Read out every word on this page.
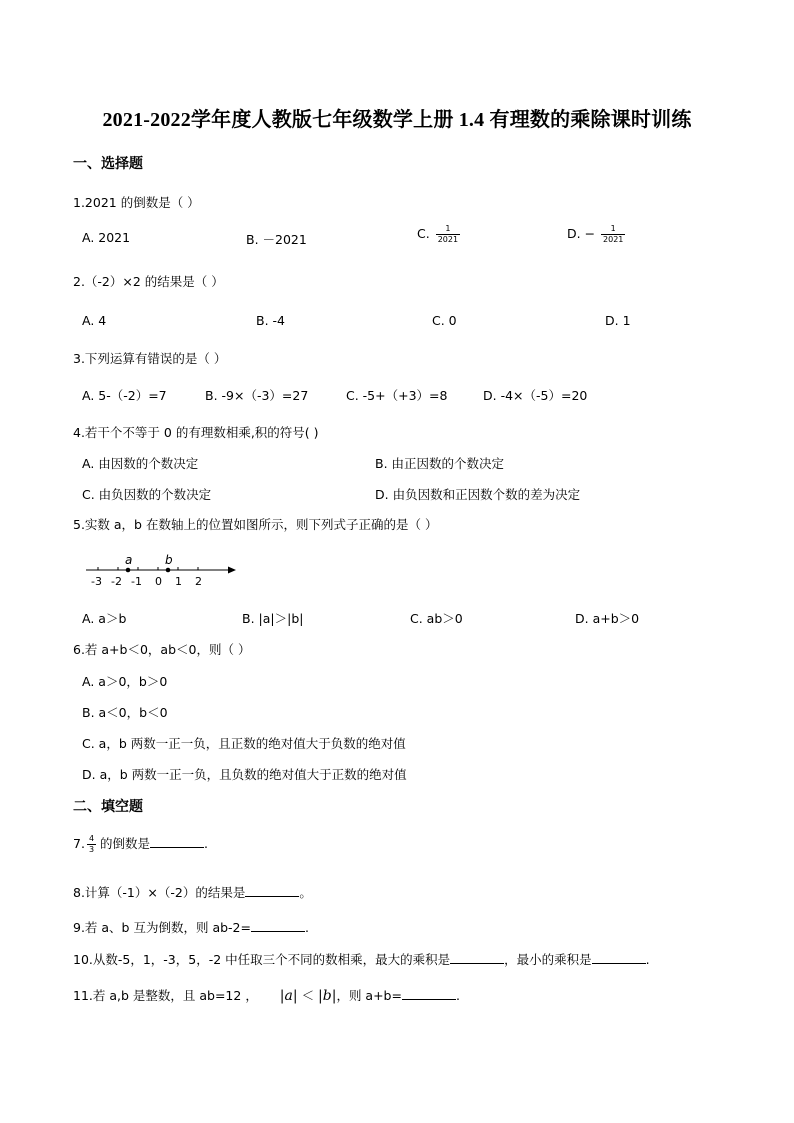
2021-2022学年度人教版七年级数学上册 1.4 有理数的乘除课时训练
一、选择题
1.2021 的倒数是（ ）
A. 2021	B. －2021	C. $\frac{1}{2021}$	D. − $\frac{1}{2021}$
2.（-2）×2 的结果是（ ）
A. 4	B. -4	C. 0	D. 1
3.下列运算有错误的是（ ）
A. 5-（-2）=7	B. -9×（-3）=27	C. -5+（+3）=8	D. -4×（-5）=20
4.若干个不等于 0 的有理数相乘,积的符号( )
A. 由因数的个数决定	B. 由正因数的个数决定
C. 由负因数的个数决定	D. 由负因数和正因数个数的差为决定
5.实数 a，b 在数轴上的位置如图所示，则下列式子正确的是（ ）
a	b
-3 -2 -1 0 1 2
A. a＞b	B. |a|＞|b|	C. ab＞0	D. a+b＞0
6.若 a+b＜0，ab＜0，则（ ）
A. a＞0，b＞0
B. a＜0，b＜0
C. a，b 两数一正一负，且正数的绝对值大于负数的绝对值
D. a，b 两数一正一负，且负数的绝对值大于正数的绝对值
二、填空题
7. $\frac{4}{3}$ 的倒数是	.
8.计算（-1）×（-2）的结果是	。
9.若 a、b 互为倒数，则 ab-2=	.
10.从数-5，1，-3，5，-2 中任取三个不同的数相乘，最大的乘积是	，最小的乘积是	.
11.若 a,b 是整数，且 ab=12 ， |a| ＜ |b|，则 a+b=	.
